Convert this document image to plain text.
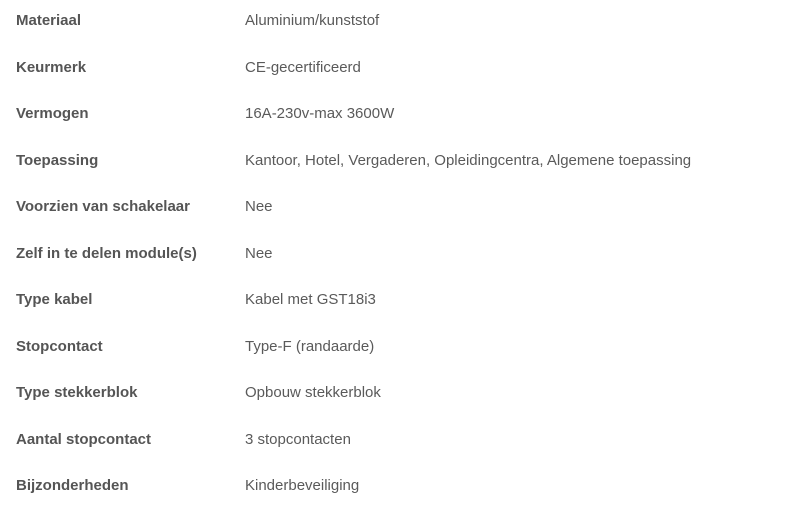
Materiaal	Aluminium/kunststof
Keurmerk	CE-gecertificeerd
Vermogen	16A-230v-max 3600W
Toepassing	Kantoor, Hotel, Vergaderen, Opleidingcentra, Algemene toepassing
Voorzien van schakelaar	Nee
Zelf in te delen module(s)	Nee
Type kabel	Kabel met GST18i3
Stopcontact	Type-F (randaarde)
Type stekkerblok	Opbouw stekkerblok
Aantal stopcontact	3 stopcontacten
Bijzonderheden	Kinderbeveiliging
